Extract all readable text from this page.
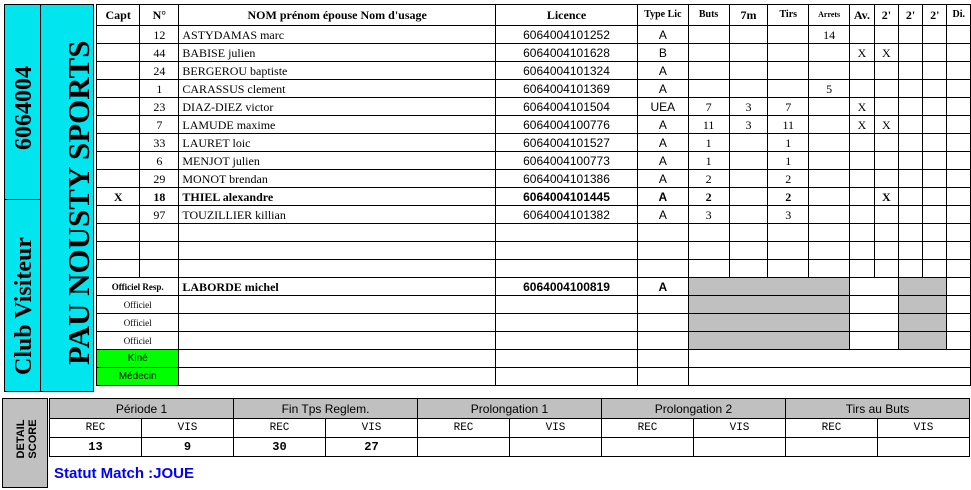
6064004
Club Visiteur PAU NOUSTY SPORTS
Capt	N°	NOM prénom épouse Nom d'usage	Licence	Type Lic	Buts	7m	Tirs	Arrets	Av.	2'	2'	2'	Di.
	12	ASTYDAMAS marc	6064004101252	A				14					
	44	BABISE julien	6064004101628	B					X	X			
	24	BERGEROU baptiste	6064004101324	A									
	1	CARASSUS clement	6064004101369	A				5					
	23	DIAZ-DIEZ victor	6064004101504	UEA	7	3	7		X				
	7	LAMUDE maxime	6064004100776	A	11	3	11		X	X			
	33	LAURET loic	6064004101527	A	1		1						
	6	MENJOT julien	6064004100773	A	1		1						
	29	MONOT brendan	6064004101386	A	2		2						
X	18	THIEL alexandre	6064004101445	A	2		2			X			
	97	TOUZILLIER killian	6064004101382	A	3		3						

Officiel Resp.		LABORDE michel	6064004100819	A									
Officiel													
Officiel													
Officiel													
Kiné													
Médecin													
DETAIL SCORE
Période 1		Fin Tps Reglem.		Prolongation 1		Prolongation 2		Tirs au Buts	
REC	VIS	REC	VIS	REC	VIS	REC	VIS	REC	VIS
13	9	30	27						
Statut Match :JOUE
